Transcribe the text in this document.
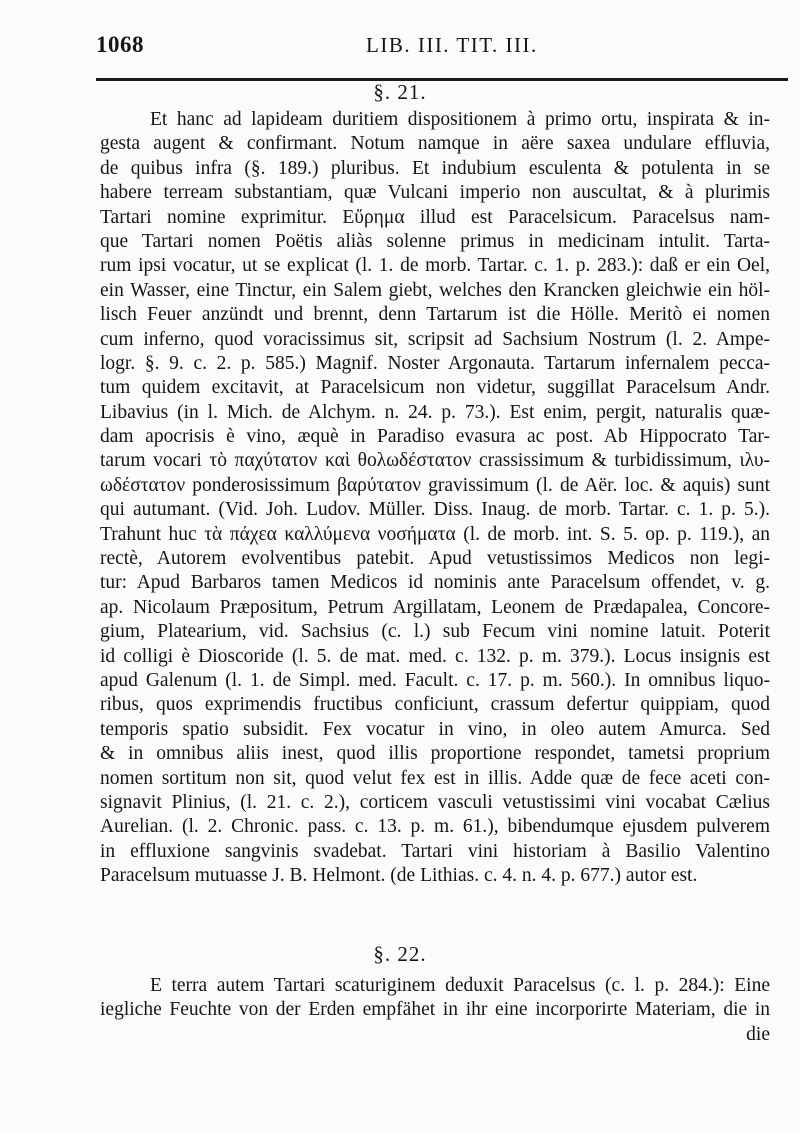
1068	LIB. III. TIT. III.
§. 21.
Et hanc ad lapideam duritiem dispositionem à primo ortu, inspirata & in-
gesta augent & confirmant. Notum namque in aëre saxea undulare effluvia,
de quibus infra (§. 189.) pluribus. Et indubium esculenta & potulenta in se
habere terream substantiam, quæ Vulcani imperio non auscultat, & à plurimis
Tartari nomine exprimitur. Εὔρημα illud est Paracelsicum. Paracelsus nam-
que Tartari nomen Poëtis aliàs solenne primus in medicinam intulit. Tarta-
rum ipsi vocatur, ut se explicat (l. 1. de morb. Tartar. c. 1. p. 283.): daß er ein Oel,
ein Wasser, eine Tinctur, ein Salem giebt, welches den Krancken gleichwie ein höl-
lisch Feuer anzündt und brennt, denn Tartarum ist die Hölle. Meritò ei nomen
cum inferno, quod voracissimus sit, scripsit ad Sachsium Nostrum (l. 2. Ampe-
logr. §. 9. c. 2. p. 585.) Magnif. Noster Argonauta. Tartarum infernalem pecca-
tum quidem excitavit, at Paracelsicum non videtur, suggillat Paracelsum Andr.
Libavius (in l. Mich. de Alchym. n. 24. p. 73.). Est enim, pergit, naturalis quæ-
dam apocrisis è vino, æquè in Paradiso evasura ac post. Ab Hippocrato Tar-
tarum vocari τὸ παχύτατον καὶ θολωδέστατον crassissimum & turbidissimum, ιλυ-
ωδέστατον ponderosissimum βαρύτατον gravissimum (l. de Aër. loc. & aquis) sunt
qui autumant. (Vid. Joh. Ludov. Müller. Diss. Inaug. de morb. Tartar. c. 1. p. 5.).
Trahunt huc τὰ πάχεα καλλύμενα νοσήματα (l. de morb. int. S. 5. op. p. 119.), an
rectè, Autorem evolventibus patebit. Apud vetustissimos Medicos non legi-
tur: Apud Barbaros tamen Medicos id nominis ante Paracelsum offendet, v. g.
ap. Nicolaum Præpositum, Petrum Argillatam, Leonem de Prædapalea, Concore-
gium, Platearium, vid. Sachsius (c. l.) sub Fecum vini nomine latuit. Poterit
id colligi è Dioscoride (l. 5. de mat. med. c. 132. p. m. 379.). Locus insignis est
apud Galenum (l. 1. de Simpl. med. Facult. c. 17. p. m. 560.). In omnibus liquo-
ribus, quos exprimendis fructibus conficiunt, crassum defertur quippiam, quod
temporis spatio subsidit. Fex vocatur in vino, in oleo autem Amurca. Sed
& in omnibus aliis inest, quod illis proportione respondet, tametsi proprium
nomen sortitum non sit, quod velut fex est in illis. Adde quæ de fece aceti con-
signavit Plinius, (l. 21. c. 2.), corticem vasculi vetustissimi vini vocabat Cælius
Aurelian. (l. 2. Chronic. pass. c. 13. p. m. 61.), bibendumque ejusdem pulverem
in effluxione sangvinis svadebat. Tartari vini historiam à Basilio Valentino
Paracelsum mutuasse J. B. Helmont. (de Lithias. c. 4. n. 4. p. 677.) autor est.
§. 22.
E terra autem Tartari scaturiginem deduxit Paracelsus (c. l. p. 284.): Eine
iegliche Feuchte von der Erden empfähet in ihr eine incorporirte Materiam, die in
die
